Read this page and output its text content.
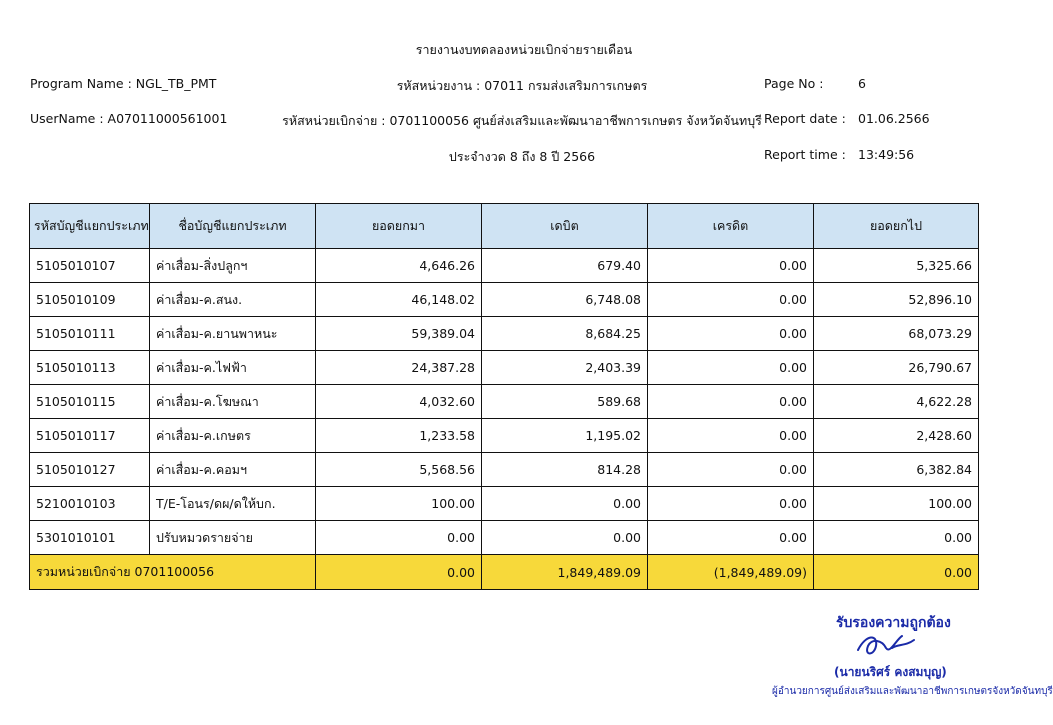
รายงานงบทดลองหน่วยเบิกจ่ายรายเดือน
Program Name : NGL_TB_PMT	รหัสหน่วยงาน : 07011 กรมส่งเสริมการเกษตร	Page No :	6
UserName : A07011000561001	รหัสหน่วยเบิกจ่าย : 0701100056 ศูนย์ส่งเสริมและพัฒนาอาชีพการเกษตร จังหวัดจันทบุรี Report date : 01.06.2566
ประจำงวด 8 ถึง 8 ปี 2566	Report time : 13:49:56
รหัสบัญชีแยกประเภท	ชื่อบัญชีแยกประเภท	ยอดยกมา	เดบิต	เครดิต	ยอดยกไป
5105010107	ค่าเสื่อม-สิ่งปลูกฯ	4,646.26	679.40	0.00	5,325.66
5105010109	ค่าเสื่อม-ค.สนง.	46,148.02	6,748.08	0.00	52,896.10
5105010111	ค่าเสื่อม-ค.ยานพาหนะ	59,389.04	8,684.25	0.00	68,073.29
5105010113	ค่าเสื่อม-ค.ไฟฟ้า	24,387.28	2,403.39	0.00	26,790.67
5105010115	ค่าเสื่อม-ค.โฆษณา	4,032.60	589.68	0.00	4,622.28
5105010117	ค่าเสื่อม-ค.เกษตร	1,233.58	1,195.02	0.00	2,428.60
5105010127	ค่าเสื่อม-ค.คอมฯ	5,568.56	814.28	0.00	6,382.84
5210010103	T/E-โอนร/ดผ/ดให้บก.	100.00	0.00	0.00	100.00
5301010101	ปรับหมวดรายจ่าย	0.00	0.00	0.00	0.00
รวมหน่วยเบิกจ่าย 0701100056		0.00	1,849,489.09	(1,849,489.09)	0.00
รับรองความถูกต้อง
(นายนริศร์ คงสมบุญ)
ผู้อำนวยการศูนย์ส่งเสริมและพัฒนาอาชีพการเกษตรจังหวัดจันทบุรี
